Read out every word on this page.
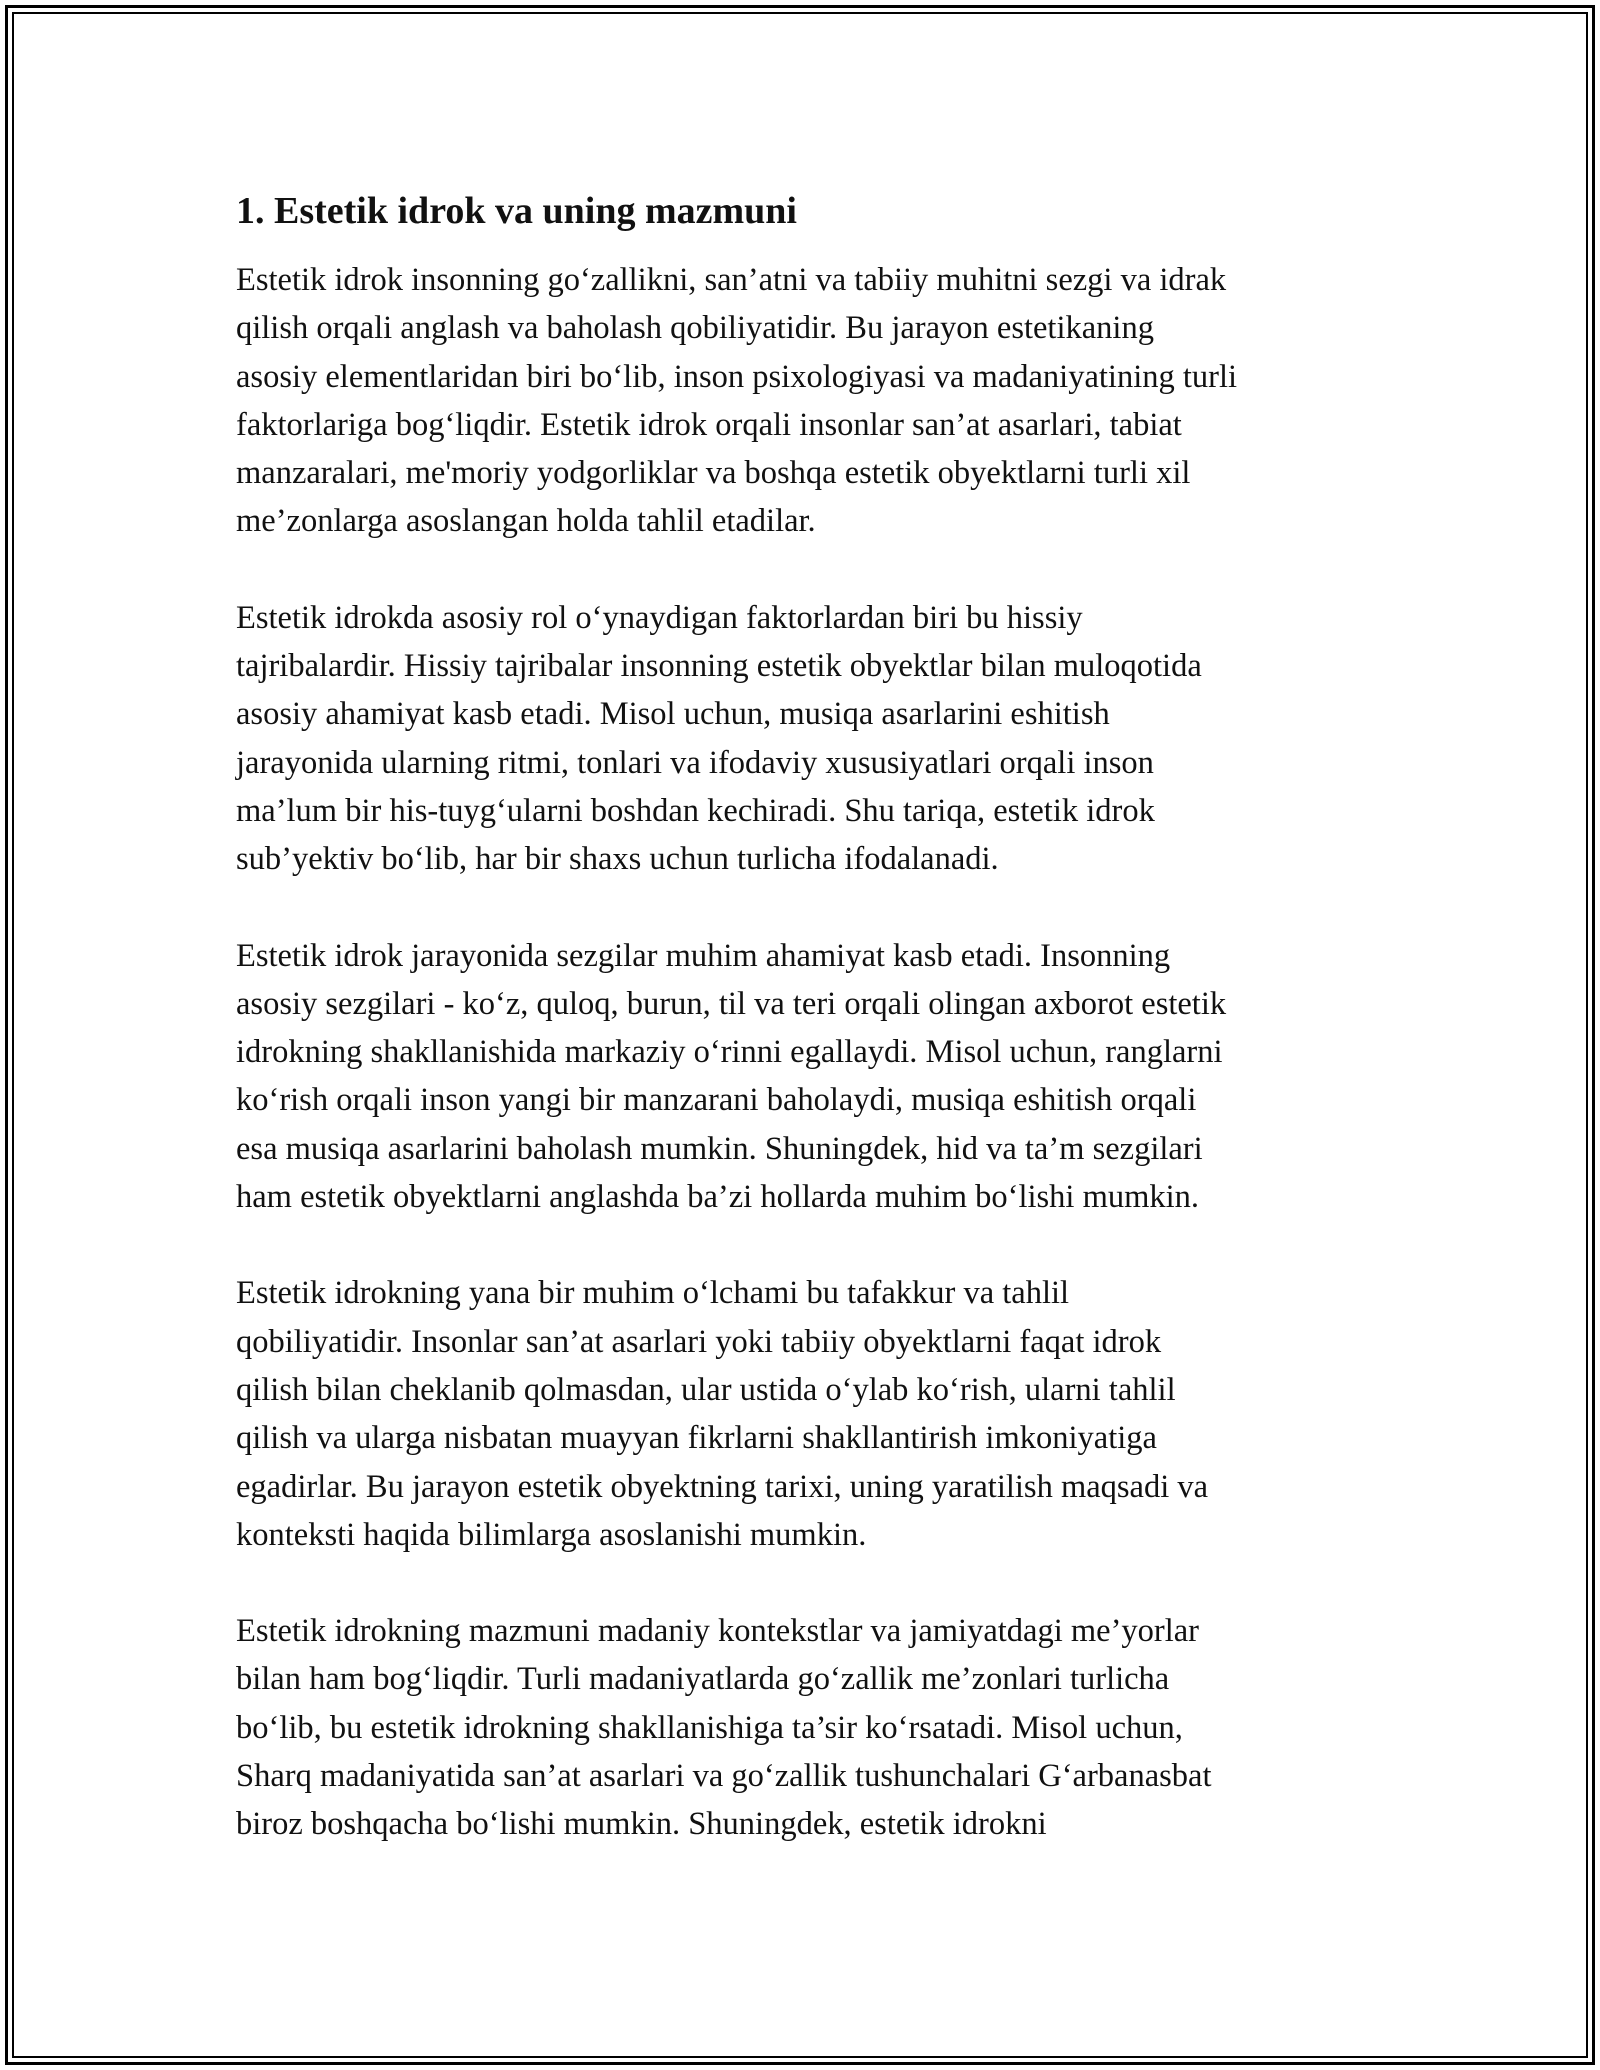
1. Estetik idrok va uning mazmuni

Estetik idrok insonning go‘zallikni, san’atni va tabiiy muhitni sezgi va idrak
qilish orqali anglash va baholash qobiliyatidir. Bu jarayon estetikaning
asosiy elementlaridan biri bo‘lib, inson psixologiyasi va madaniyatining turli
faktorlariga bog‘liqdir. Estetik idrok orqali insonlar san’at asarlari, tabiat
manzaralari, me'moriy yodgorliklar va boshqa estetik obyektlarni turli xil
me’zonlarga asoslangan holda tahlil etadilar.

Estetik idrokda asosiy rol o‘ynaydigan faktorlardan biri bu hissiy
tajribalardir. Hissiy tajribalar insonning estetik obyektlar bilan muloqotida
asosiy ahamiyat kasb etadi. Misol uchun, musiqa asarlarini eshitish
jarayonida ularning ritmi, tonlari va ifodaviy xususiyatlari orqali inson
ma’lum bir his-tuyg‘ularni boshdan kechiradi. Shu tariqa, estetik idrok
sub’yektiv bo‘lib, har bir shaxs uchun turlicha ifodalanadi.

Estetik idrok jarayonida sezgilar muhim ahamiyat kasb etadi. Insonning
asosiy sezgilari - ko‘z, quloq, burun, til va teri orqali olingan axborot estetik
idrokning shakllanishida markaziy o‘rinni egallaydi. Misol uchun, ranglarni
ko‘rish orqali inson yangi bir manzarani baholaydi, musiqa eshitish orqali
esa musiqa asarlarini baholash mumkin. Shuningdek, hid va ta’m sezgilari
ham estetik obyektlarni anglashda ba’zi hollarda muhim bo‘lishi mumkin.

Estetik idrokning yana bir muhim o‘lchami bu tafakkur va tahlil
qobiliyatidir. Insonlar san’at asarlari yoki tabiiy obyektlarni faqat idrok
qilish bilan cheklanib qolmasdan, ular ustida o‘ylab ko‘rish, ularni tahlil
qilish va ularga nisbatan muayyan fikrlarni shakllantirish imkoniyatiga
egadirlar. Bu jarayon estetik obyektning tarixi, uning yaratilish maqsadi va
konteksti haqida bilimlarga asoslanishi mumkin.

Estetik idrokning mazmuni madaniy kontekstlar va jamiyatdagi me’yorlar
bilan ham bog‘liqdir. Turli madaniyatlarda go‘zallik me’zonlari turlicha
bo‘lib, bu estetik idrokning shakllanishiga ta’sir ko‘rsatadi. Misol uchun,
Sharq madaniyatida san’at asarlari va go‘zallik tushunchalari G‘arbanasbat
biroz boshqacha bo‘lishi mumkin. Shuningdek, estetik idrokni
